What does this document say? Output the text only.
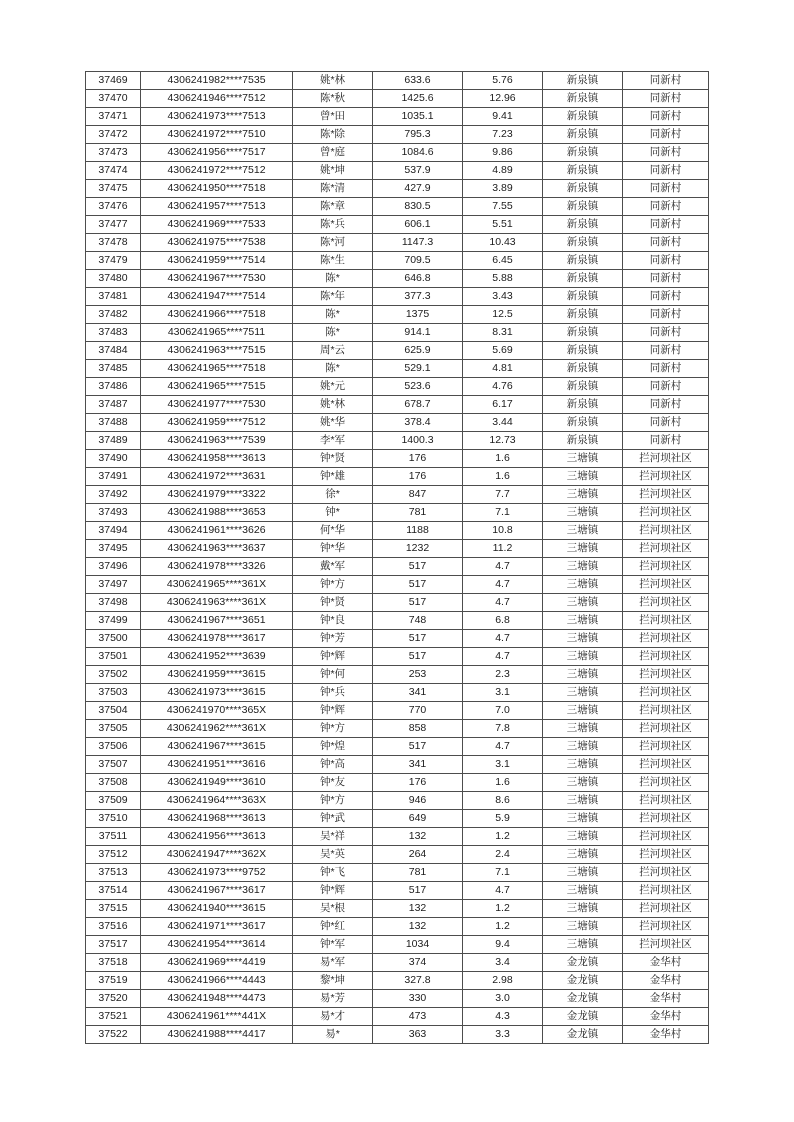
37469	4306241982****7535	姚*林	633.6	5.76	新泉镇	同新村
37470	4306241946****7512	陈*秋	1425.6	12.96	新泉镇	同新村
37471	4306241973****7513	曾*田	1035.1	9.41	新泉镇	同新村
37472	4306241972****7510	陈*除	795.3	7.23	新泉镇	同新村
37473	4306241956****7517	曾*庭	1084.6	9.86	新泉镇	同新村
37474	4306241972****7512	姚*坤	537.9	4.89	新泉镇	同新村
37475	4306241950****7518	陈*清	427.9	3.89	新泉镇	同新村
37476	4306241957****7513	陈*章	830.5	7.55	新泉镇	同新村
37477	4306241969****7533	陈*兵	606.1	5.51	新泉镇	同新村
37478	4306241975****7538	陈*河	1147.3	10.43	新泉镇	同新村
37479	4306241959****7514	陈*生	709.5	6.45	新泉镇	同新村
37480	4306241967****7530	陈*	646.8	5.88	新泉镇	同新村
37481	4306241947****7514	陈*年	377.3	3.43	新泉镇	同新村
37482	4306241966****7518	陈*	1375	12.5	新泉镇	同新村
37483	4306241965****7511	陈*	914.1	8.31	新泉镇	同新村
37484	4306241963****7515	周*云	625.9	5.69	新泉镇	同新村
37485	4306241965****7518	陈*	529.1	4.81	新泉镇	同新村
37486	4306241965****7515	姚*元	523.6	4.76	新泉镇	同新村
37487	4306241977****7530	姚*林	678.7	6.17	新泉镇	同新村
37488	4306241959****7512	姚*华	378.4	3.44	新泉镇	同新村
37489	4306241963****7539	李*军	1400.3	12.73	新泉镇	同新村
37490	4306241958****3613	钟*贤	176	1.6	三塘镇	拦河坝社区
37491	4306241972****3631	钟*雄	176	1.6	三塘镇	拦河坝社区
37492	4306241979****3322	徐*	847	7.7	三塘镇	拦河坝社区
37493	4306241988****3653	钟*	781	7.1	三塘镇	拦河坝社区
37494	4306241961****3626	何*华	1188	10.8	三塘镇	拦河坝社区
37495	4306241963****3637	钟*华	1232	11.2	三塘镇	拦河坝社区
37496	4306241978****3326	戴*军	517	4.7	三塘镇	拦河坝社区
37497	4306241965****361X	钟*方	517	4.7	三塘镇	拦河坝社区
37498	4306241963****361X	钟*贤	517	4.7	三塘镇	拦河坝社区
37499	4306241967****3651	钟*良	748	6.8	三塘镇	拦河坝社区
37500	4306241978****3617	钟*芳	517	4.7	三塘镇	拦河坝社区
37501	4306241952****3639	钟*辉	517	4.7	三塘镇	拦河坝社区
37502	4306241959****3615	钟*何	253	2.3	三塘镇	拦河坝社区
37503	4306241973****3615	钟*兵	341	3.1	三塘镇	拦河坝社区
37504	4306241970****365X	钟*辉	770	7.0	三塘镇	拦河坝社区
37505	4306241962****361X	钟*方	858	7.8	三塘镇	拦河坝社区
37506	4306241967****3615	钟*煌	517	4.7	三塘镇	拦河坝社区
37507	4306241951****3616	钟*高	341	3.1	三塘镇	拦河坝社区
37508	4306241949****3610	钟*友	176	1.6	三塘镇	拦河坝社区
37509	4306241964****363X	钟*方	946	8.6	三塘镇	拦河坝社区
37510	4306241968****3613	钟*武	649	5.9	三塘镇	拦河坝社区
37511	4306241956****3613	吴*祥	132	1.2	三塘镇	拦河坝社区
37512	4306241947****362X	吴*英	264	2.4	三塘镇	拦河坝社区
37513	4306241973****9752	钟*飞	781	7.1	三塘镇	拦河坝社区
37514	4306241967****3617	钟*辉	517	4.7	三塘镇	拦河坝社区
37515	4306241940****3615	吴*根	132	1.2	三塘镇	拦河坝社区
37516	4306241971****3617	钟*红	132	1.2	三塘镇	拦河坝社区
37517	4306241954****3614	钟*军	1034	9.4	三塘镇	拦河坝社区
37518	4306241969****4419	易*军	374	3.4	金龙镇	金华村
37519	4306241966****4443	黎*坤	327.8	2.98	金龙镇	金华村
37520	4306241948****4473	易*芳	330	3.0	金龙镇	金华村
37521	4306241961****441X	易*才	473	4.3	金龙镇	金华村
37522	4306241988****4417	易*	363	3.3	金龙镇	金华村
